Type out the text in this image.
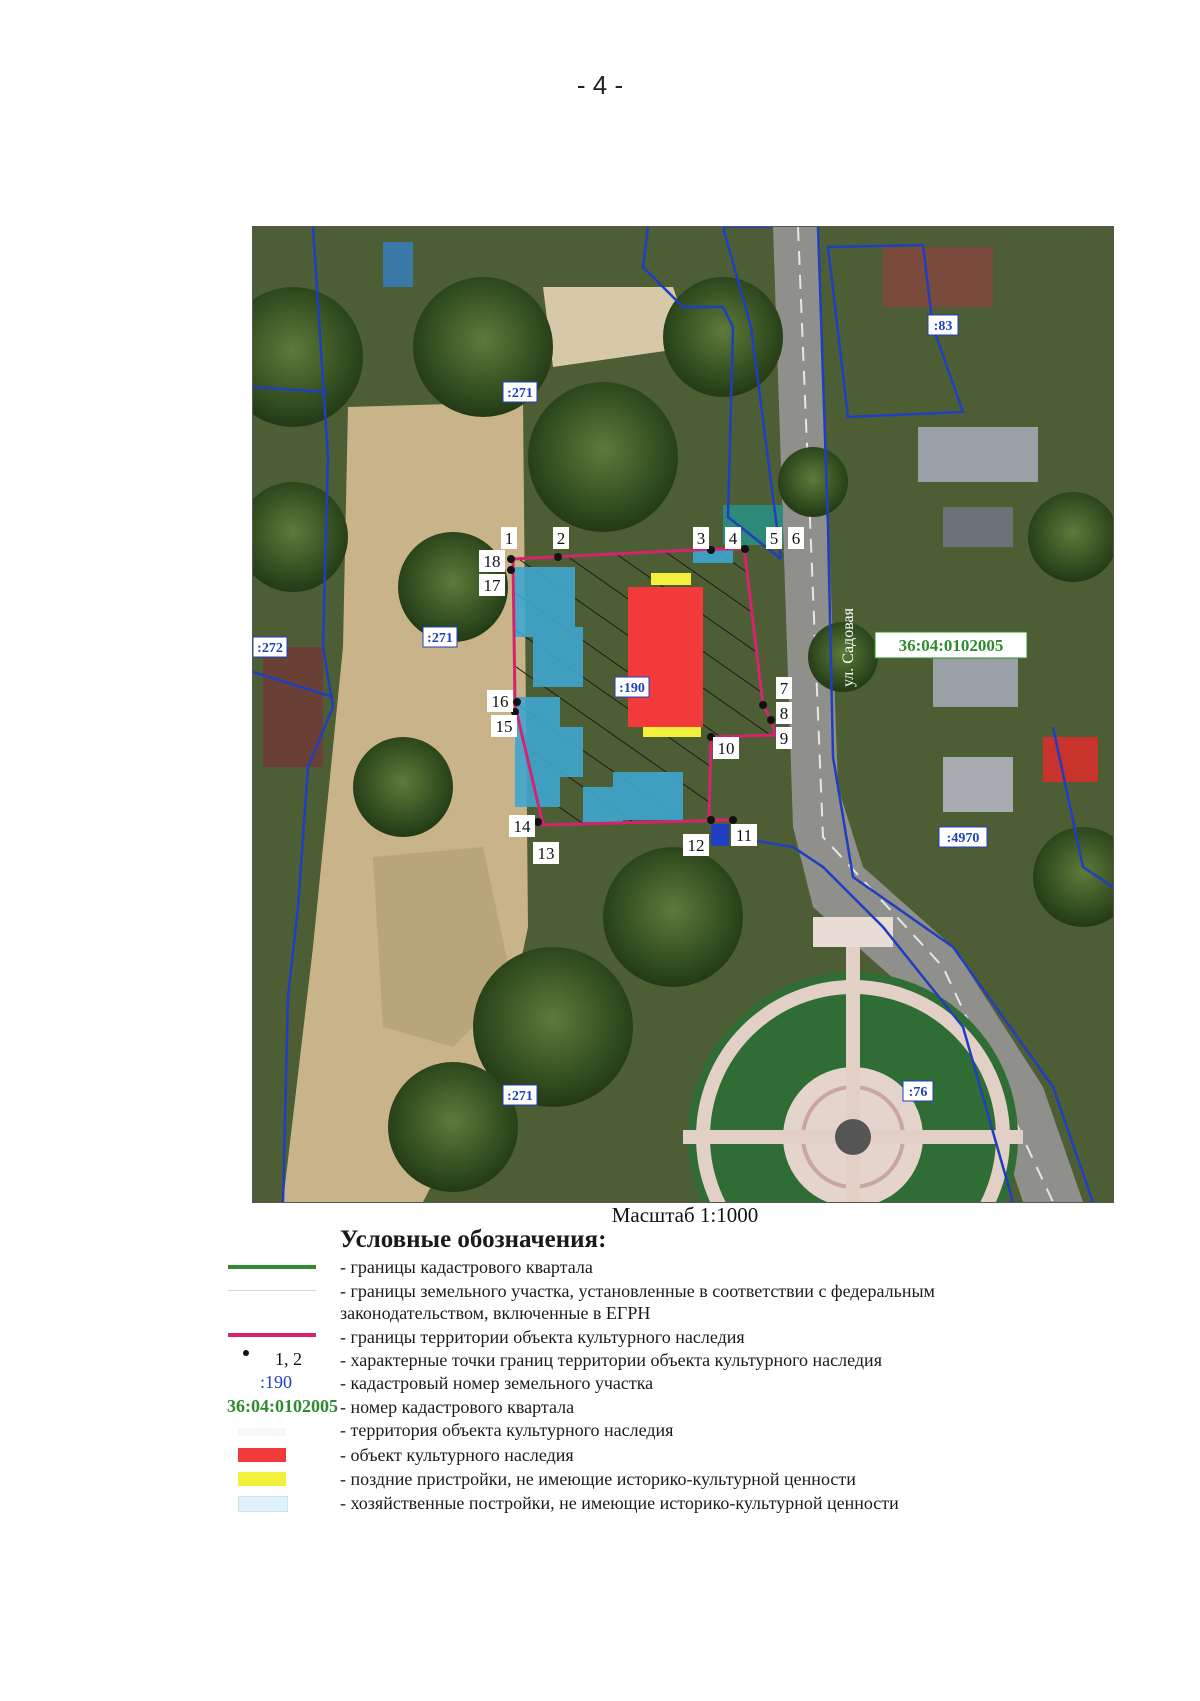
- 4 -
:271
:272
:271
:190
:83
:4970
:76
:271
ул. Садовая 36:04:0102005
1	2	3 4 5 6
7
8
9
10
11
12
13
14
15
16
17
18
Масштаб 1:1000
Условные обозначения:
1, 2
:190
36:04:0102005
- границы кадастрового квартала
- границы земельного участка, установленные в соответствии с федеральным законодательством, включенные в ЕГРН
- границы территории объекта культурного наследия
- характерные точки границ территории объекта культурного наследия
- кадастровый номер земельного участка
- номер кадастрового квартала
- территория объекта культурного наследия
- объект культурного наследия
- поздние пристройки, не имеющие историко-культурной ценности
- хозяйственные постройки, не имеющие историко-культурной ценности
